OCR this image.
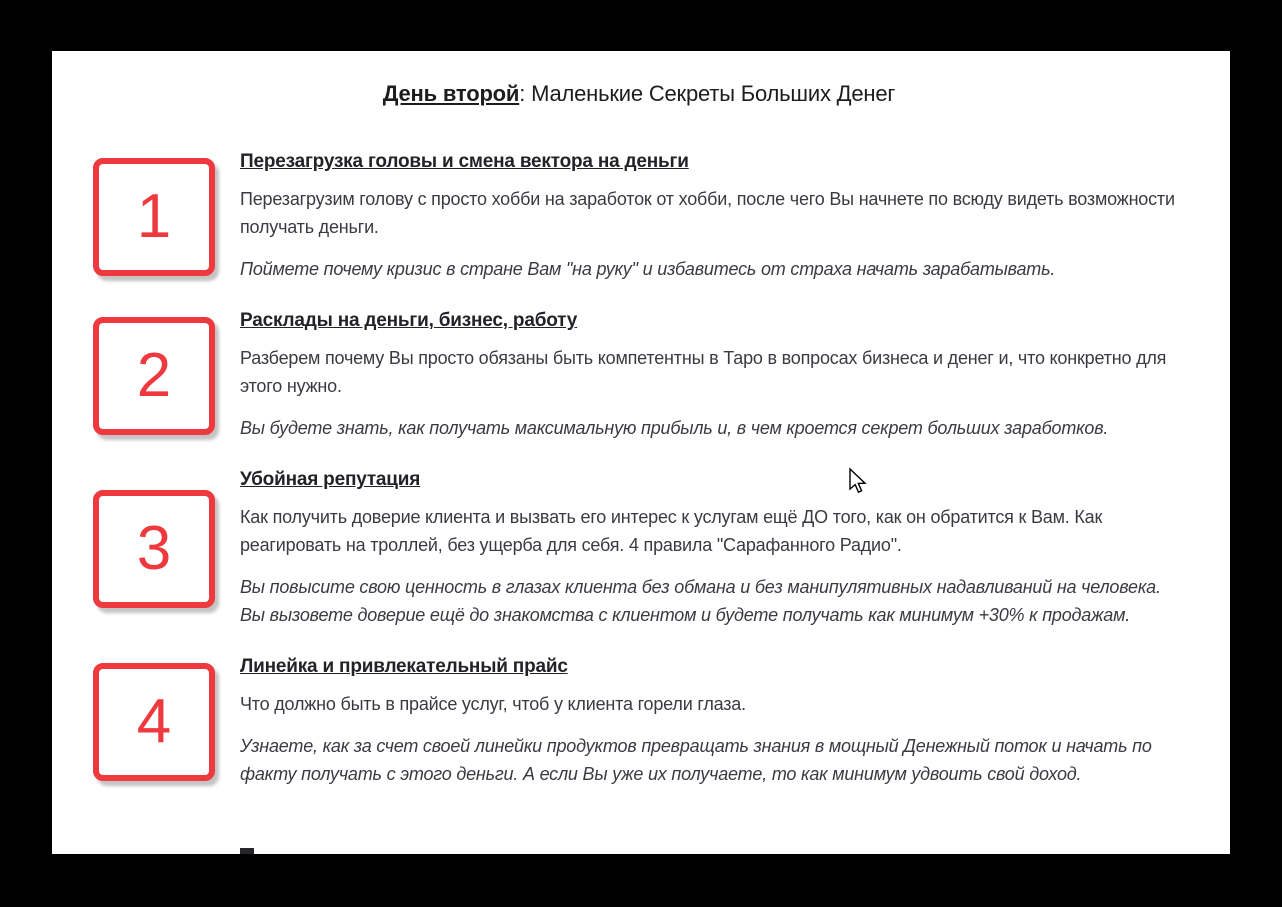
День второй: Маленькие Секреты Больших Денег
1
Перезагрузка головы и смена вектора на деньги

Перезагрузим голову с просто хобби на заработок от хобби, после чего Вы начнете по всюду видеть возможности получать деньги.

Поймете почему кризис в стране Вам "на руку" и избавитесь от страха начать зарабатывать.

2
Расклады на деньги, бизнес, работу

Разберем почему Вы просто обязаны быть компетентны в Таро в вопросах бизнеса и денег и, что конкретно для этого нужно.

Вы будете знать, как получать максимальную прибыль и, в чем кроется секрет больших заработков.

3
Убойная репутация

Как получить доверие клиента и вызвать его интерес к услугам ещё ДО того, как он обратится к Вам. Как реагировать на троллей, без ущерба для себя. 4 правила "Сарафанного Радио".

Вы повысите свою ценность в глазах клиента без обмана и без манипулятивных надавливаний на человека. Вы вызовете доверие ещё до знакомства с клиентом и будете получать как минимум +30% к продажам.

4
Линейка и привлекательный прайс

Что должно быть в прайсе услуг, чтоб у клиента горели глаза.

Узнаете, как за счет своей линейки продуктов превращать знания в мощный Денежный поток и начать по факту получать с этого деньги. А если Вы уже их получаете, то как минимум удвоить свой доход.
